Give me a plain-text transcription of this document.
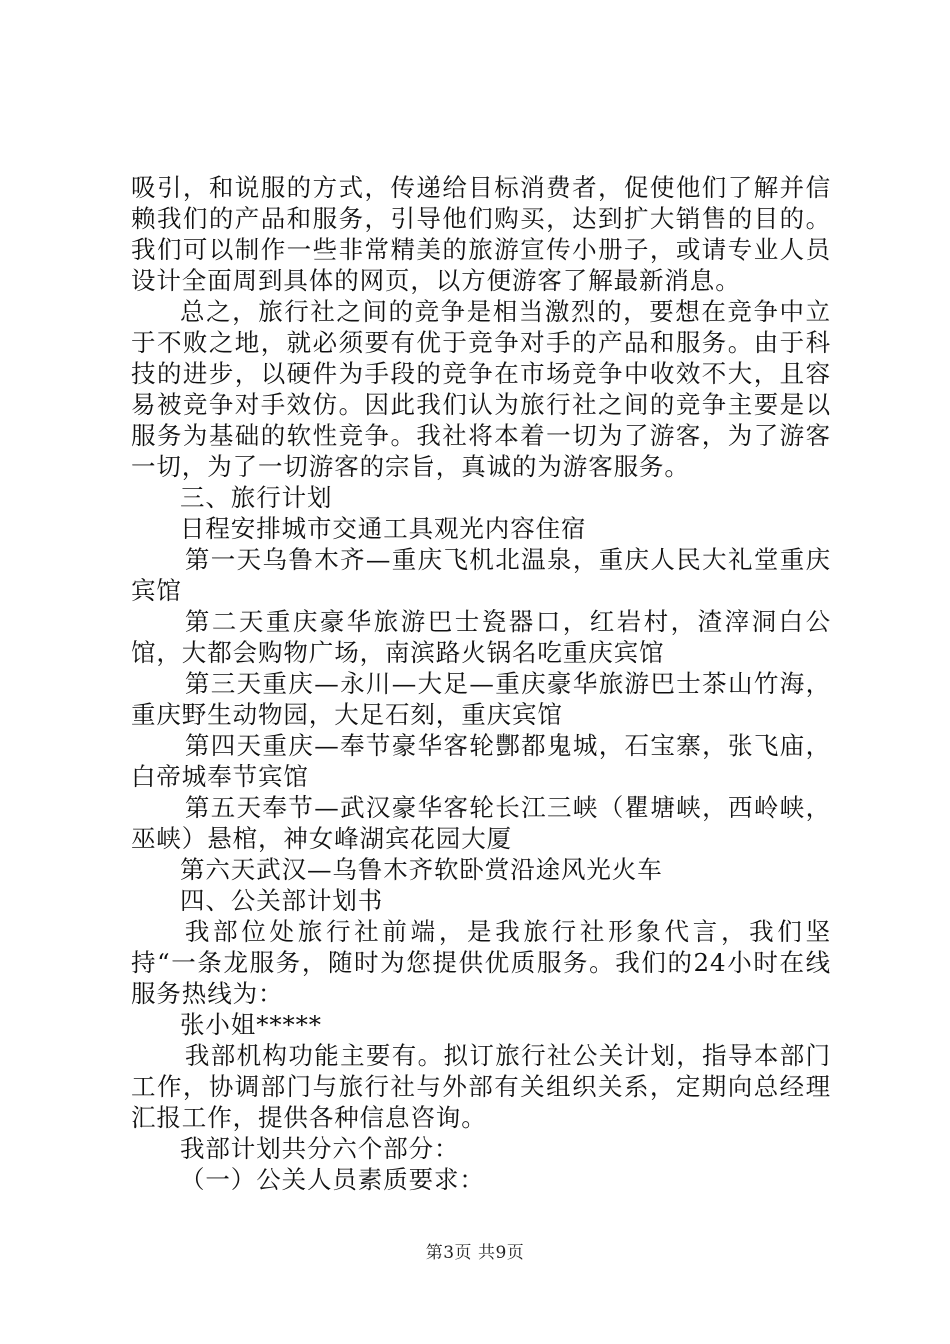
吸引，和说服的方式，传递给目标消费者，促使他们了解并信赖我们的产品和服务，引导他们购买，达到扩大销售的目的。我们可以制作一些非常精美的旅游宣传小册子，或请专业人员设计全面周到具体的网页，以方便游客了解最新消息。

总之，旅行社之间的竞争是相当激烈的，要想在竞争中立于不败之地，就必须要有优于竞争对手的产品和服务。由于科技的进步，以硬件为手段的竞争在市场竞争中收效不大，且容易被竞争对手效仿。因此我们认为旅行社之间的竞争主要是以服务为基础的软性竞争。我社将本着一切为了游客，为了游客一切，为了一切游客的宗旨，真诚的为游客服务。

三、旅行计划

日程安排城市交通工具观光内容住宿

第一天乌鲁木齐—重庆飞机北温泉，重庆人民大礼堂重庆宾馆

第二天重庆豪华旅游巴士瓷器口，红岩村，渣滓洞白公馆，大都会购物广场，南滨路火锅名吃重庆宾馆

第三天重庆—永川—大足—重庆豪华旅游巴士茶山竹海，重庆野生动物园，大足石刻，重庆宾馆

第四天重庆—奉节豪华客轮酆都鬼城，石宝寨，张飞庙，白帝城奉节宾馆

第五天奉节—武汉豪华客轮长江三峡（瞿塘峡，西岭峡，巫峡）悬棺，神女峰湖宾花园大厦

第六天武汉—乌鲁木齐软卧赏沿途风光火车

四、公关部计划书

我部位处旅行社前端，是我旅行社形象代言，我们坚持“一条龙服务，随时为您提供优质服务。我们的24小时在线服务热线为：

张小姐*****

我部机构功能主要有。拟订旅行社公关计划，指导本部门工作，协调部门与旅行社与外部有关组织关系，定期向总经理汇报工作，提供各种信息咨询。

我部计划共分六个部分：

（一）公关人员素质要求：

第3页 共9页
